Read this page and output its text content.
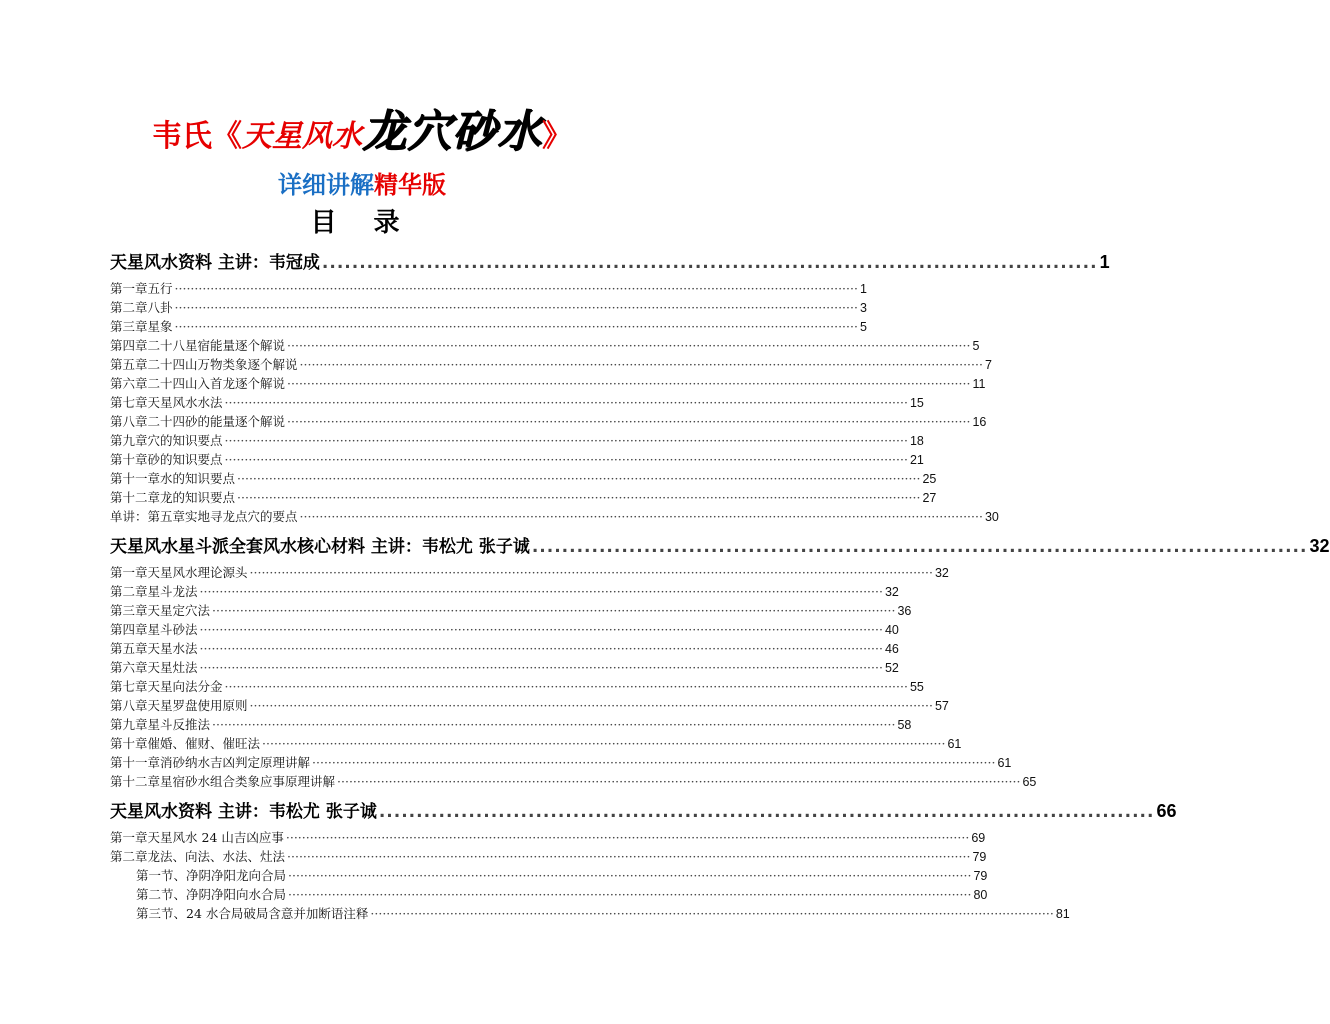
韦氏《天星风水龙穴砂水》
详细讲解精华版
目 录
天星风水资料 主讲：韦冠成 ........................................................................................................ 1
第一章 五行 ············································································································································································ 1
第二章 八卦 ············································································································································································ 3
第三章 星象 ············································································································································································ 5
第四章 二十八星宿能量逐个解说 ············································································································································································ 5
第五章 二十四山万物类象逐个解说 ············································································································································································ 7
第六章 二十四山入首龙逐个解说 ············································································································································································ 11
第七章 天星风水水法 ············································································································································································ 15
第八章 二十四砂的能量逐个解说 ············································································································································································ 16
第九章 穴的知识要点 ············································································································································································ 18
第十章 砂的知识要点 ············································································································································································ 21
第十一章 水的知识要点 ············································································································································································ 25
第十二章 龙的知识要点 ············································································································································································ 27
单讲：第五章 实地寻龙点穴的要点 ············································································································································································ 30
天星风水星斗派全套风水核心材料 主讲：韦松尤 张子诚 ........................................................................................................ 32
第一章 天星风水理论源头 ············································································································································································ 32
第二章 星斗龙法 ············································································································································································ 32
第三章 天星定穴法 ············································································································································································ 36
第四章 星斗砂法 ············································································································································································ 40
第五章 天星水法 ············································································································································································ 46
第六章 天星灶法 ············································································································································································ 52
第七章 天星向法分金 ············································································································································································ 55
第八章 天星罗盘使用原则 ············································································································································································ 57
第九章 星斗反推法 ············································································································································································ 58
第十章 催婚、催财、催旺法 ············································································································································································ 61
第十一章 消砂纳水吉凶判定原理讲解 ············································································································································································ 61
第十二章 星宿砂水组合类象应事原理讲解 ············································································································································································ 65
天星风水资料 主讲：韦松尤 张子诚 ........................................................................................................ 66
第一章 天星风水 24 山吉凶应事 ············································································································································································ 69
第二章 龙法、向法、水法、灶法 ············································································································································································ 79
第一节、 净阴净阳龙向合局 ············································································································································································ 79
第二节、 净阴净阳向水合局 ············································································································································································ 80
第三节、 24 水合局破局含意并加断语注释 ············································································································································································ 81
